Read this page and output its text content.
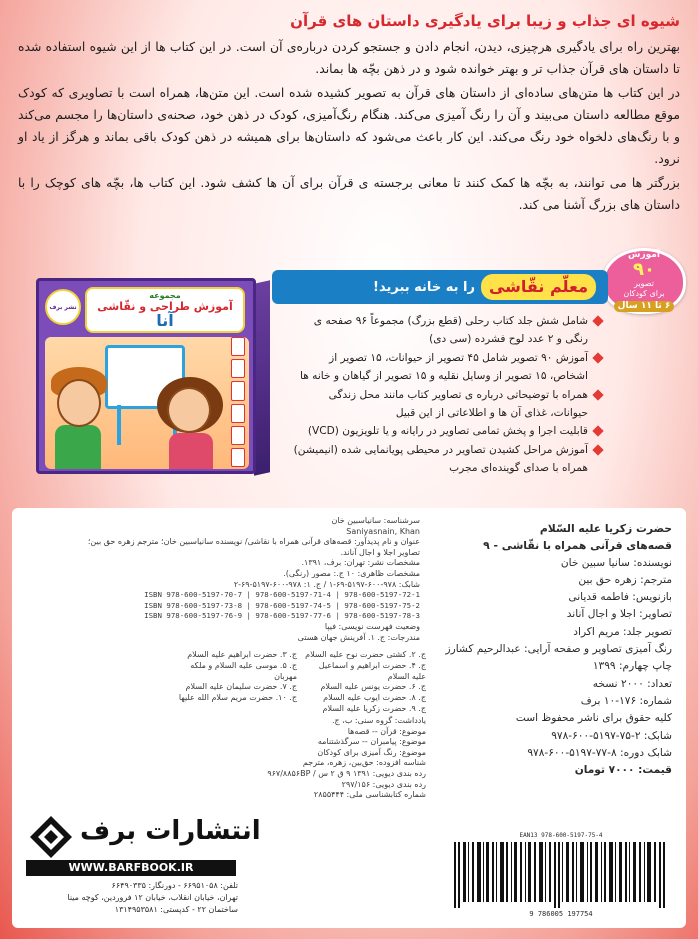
شیوه ای جذاب و زیبا برای یادگیری داستان های قرآن

بهترین راه برای یادگیری هرچیزی، دیدن، انجام دادن و جستجو کردن درباره‌ی آن است. در این کتاب ها از این شیوه استفاده شده تا داستان های قرآن جذاب تر و بهتر خوانده شود و در ذهن بچّه ها بماند.

در این کتاب ها متن‌های ساده‌ای از داستان های قرآن به تصویر کشیده شده است. این متن‌ها، همراه است با تصاویری که کودک موقع مطالعه داستان می‌بیند و آن را رنگ آمیزی می‌کند. هنگام رنگ‌آمیزی، کودک در ذهن خود، صحنه‌ی داستان‌ها را مجسم می‌کند و با رنگ‌های دلخواه خود رنگ می‌کند. این کار باعث می‌شود که داستان‌ها برای همیشه در ذهن کودک باقی بماند و هرگز از یاد او نرود.

بزرگتر ها می توانند، به بچّه ها کمک کنند تا معانی برجسته ی قرآن برای آن ها کشف شود. این کتاب ها، بچّه های کوچک را با داستان های بزرگ آشنا می کند.

آموزش
۹۰
تصویر
برای کودکان
۶ تا ۱۱ سال
معلّم نقّاشی
را به خانه ببرید!
شامل شش جلد کتاب رحلی (قطع بزرگ) مجموعاً ۹۶ صفحه ی رنگی و ۲ عدد لوح فشرده (سی دی)
آموزش ۹۰ تصویر شامل ۴۵ تصویر از حیوانات، ۱۵ تصویر از اشخاص، ۱۵ تصویر از وسایل نقلیه و ۱۵ تصویر از گیاهان و خانه ها
همراه با توضیحاتی درباره ی تصاویر کتاب مانند محل زندگی حیوانات، غذای آن ها و اطلاعاتی از این قبیل
قابلیت اجرا و پخش تمامی تصاویر در رایانه و یا تلویزیون (VCD)
آموزش مراحل کشیدن تصاویر در محیطی پویانمایی شده (انیمیشن) همراه با صدای گوینده‌ای مجرب
مجموعه
آموزش طراحی و نقّاشی
آنا
نشر برف
حضرت زکریا علیه السّلام
قصه‌های قرآنی همراه با نقّاشی - ۹
نویسنده: سانیا سبین خان
مترجم: زهره حق بین
بازنویس: فاطمه قدیانی
تصاویر: اجلا و اجال آناند
تصویر جلد: مریم اکراد
رنگ آمیزی تصاویر و صفحه آرایی: عبدالرحیم کشارز
چاپ چهارم: ۱۳۹۹
تعداد: ۲۰۰۰ نسخه
شماره: ۱۷۶-۱۰ برف
کلیه حقوق برای ناشر محفوظ است
شابک: ۲-۷۵-۵۱۹۷-۶۰۰-۹۷۸
شابک دوره: ۸-۷۷-۵۱۹۷-۶۰۰-۹۷۸
قیمت: ۷۰۰۰ تومان
سرشناسه: سانیاسبین خان
Saniyasnain, Khan
عنوان و نام پدیدآور: قصه‌های قرآنی همراه با نقاشی/ نویسنده سانیاسبین خان؛ مترجم زهره حق بین؛
تصاویر اجلا و اجال آناند.
مشخصات نشر: تهران: برف، ۱۳۹۱.
مشخصات ظاهری: ۱۰ ج.: مصور (رنگی).
شابک: ۹۷۸-۶۰۰-۵۱۹۷-۶۹-۱ / ج. ۱: ۹۷۸-۶۰۰-۵۱۹۷-۶۹-۲
ISBN 978-600-5197-70-7 | 978-600-5197-71-4 | 978-600-5197-72-1
ISBN 978-600-5197-73-8 | 978-600-5197-74-5 | 978-600-5197-75-2
ISBN 978-600-5197-76-9 | 978-600-5197-77-6 | 978-600-5197-78-3
وضعیت فهرست نویسی: فیپا
مندرجات: ج. ۱. آفرینش جهان هستی
ج. ۲. کشتی حضرت نوح علیه السلام
ج. ۳. حضرت ابراهیم علیه السلام
ج. ۴. حضرت ابراهیم و اسماعیل علیه السلام
ج. ۵. موسی علیه السلام و ملکه مهربان
ج. ۶. حضرت یونس علیه السلام
ج. ۷. حضرت سلیمان علیه السلام
ج. ۸. حضرت ایوب علیه السلام
ج. ۱۰. حضرت مریم سلام الله علیها
ج. ۹. حضرت زکریا علیه السلام
یادداشت: گروه سنی: ب، ج.
موضوع: قرآن -- قصه‌ها
موضوع: پیامبران -- سرگذشتنامه
موضوع: رنگ آمیزی برای کودکان
شناسه افزوده: حق‌بین، زهره، مترجم
رده بندی دیویی: ۱۳۹۱ ۹ ق ۲ س / ۹۶۷/۸۸۵۶BP
رده بندی دیویی: ۲۹۷/۱۵۶
شماره کتابشناسی ملی: ۲۸۵۵۴۴۴
انتشارات برف
WWW.BARFBOOK.IR
تلفن: ۶۶۹۵۱۰۵۸ - دورنگار: ۶۶۴۹۰۳۳۵
تهران، خیابان انقلاب، خیابان ۱۲ فروردین، کوچه مینا
ساختمان ۲۲ - کدپستی: ۱۳۱۴۹۵۳۵۸۱
EAN13 978-600-5197-75-4
9 786005 197754
